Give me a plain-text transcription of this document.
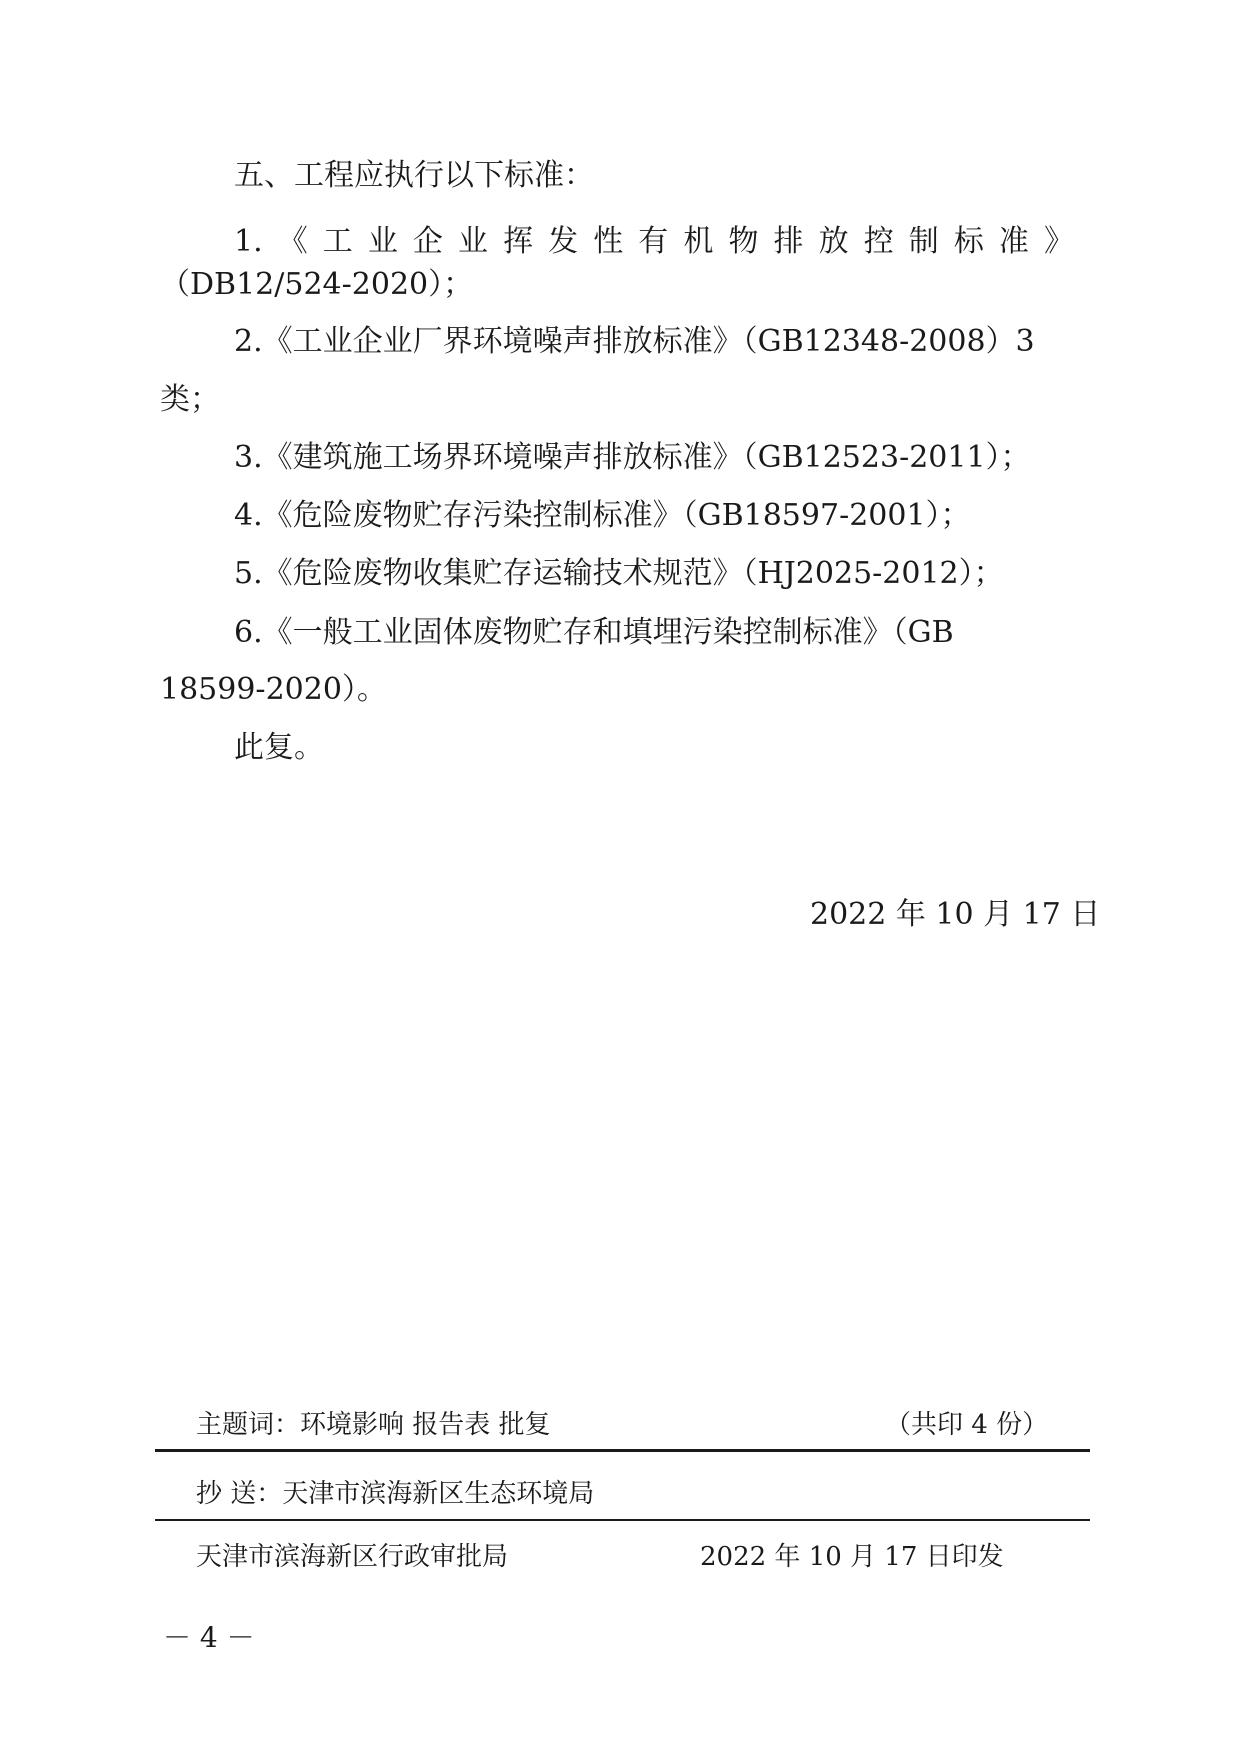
五、工程应执行以下标准：
1.《工业企业挥发性有机物排放控制标准》
（DB12/524-2020）；
2.《工业企业厂界环境噪声排放标准》（GB12348-2008）3
类；
3.《建筑施工场界环境噪声排放标准》（GB12523-2011）；
4.《危险废物贮存污染控制标准》（GB18597-2001）；
5.《危险废物收集贮存运输技术规范》（HJ2025-2012）；
6.《一般工业固体废物贮存和填埋污染控制标准》（GB
18599-2020）。
此复。
2022 年 10 月 17 日
主题词：环境影响 报告表 批复	（共印 4 份）
抄 送：天津市滨海新区生态环境局
天津市滨海新区行政审批局	2022 年 10 月 17 日印发
－ 4 －
